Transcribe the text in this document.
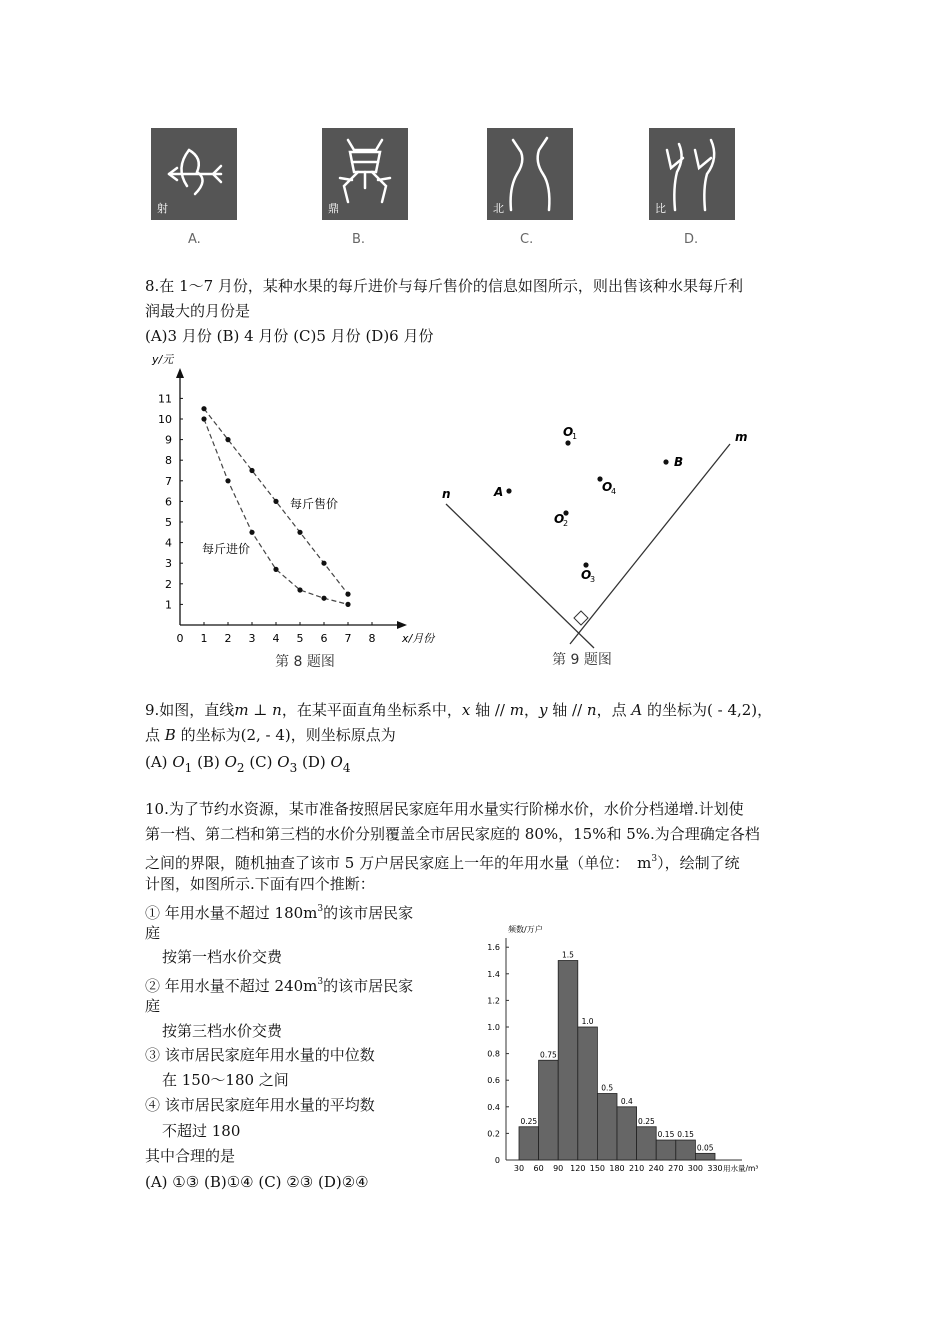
射	鼎	北	比
A.	B.	C.	D.
8.在 1～7 月份，某种水果的每斤进价与每斤售价的信息如图所示，则出售该种水果每斤利
润最大的月份是
(A)3 月份 (B) 4 月份 (C)5 月份 (D)6 月份
0 1 2 3 4 5 6 7 8
1
2
3
4
5
6
7
8
9
10
11
y/元
x/月份
每斤售价
每斤进价
第 8 题图
n
m
A
B
O
1
O
2
O
3
O
4
第 9 题图
9.如图，直线m ⊥ n，在某平面直角坐标系中，x 轴 // m，y 轴 // n，点 A 的坐标为( - 4,2)，
点 B 的坐标为(2, - 4)，则坐标原点为
(A) $O_1$ (B) $O_2$ (C) $O_3$ (D) $O_4$
10.为了节约水资源，某市准备按照居民家庭年用水量实行阶梯水价，水价分档递增.计划使
第一档、第二档和第三档的水价分别覆盖全市居民家庭的 80%，15%和 5%.为合理确定各档
之间的界限，随机抽查了该市 5 万户居民家庭上一年的年用水量（单位： $m^3$），绘制了统
计图，如图所示.下面有四个推断：
① 年用水量不超过 $180m^3$的该市居民家
庭
按第一档水价交费
② 年用水量不超过 $240m^3$的该市居民家
庭
按第三档水价交费
③ 该市居民家庭年用水量的中位数
在 150～180 之间
④ 该市居民家庭年用水量的平均数
不超过 180
其中合理的是
(A) ①③ (B)①④ (C) ②③ (D)②④
频数/万户
0
0.2
0.4
0.6
0.8
1.0
1.2
1.4
1.6
0.25
0.75
1.5
1.0
0.5
0.4
0.25
0.15 0.15
0.05
30 60 90 120 150 180 210 240 270 300 330 用水量/m³
